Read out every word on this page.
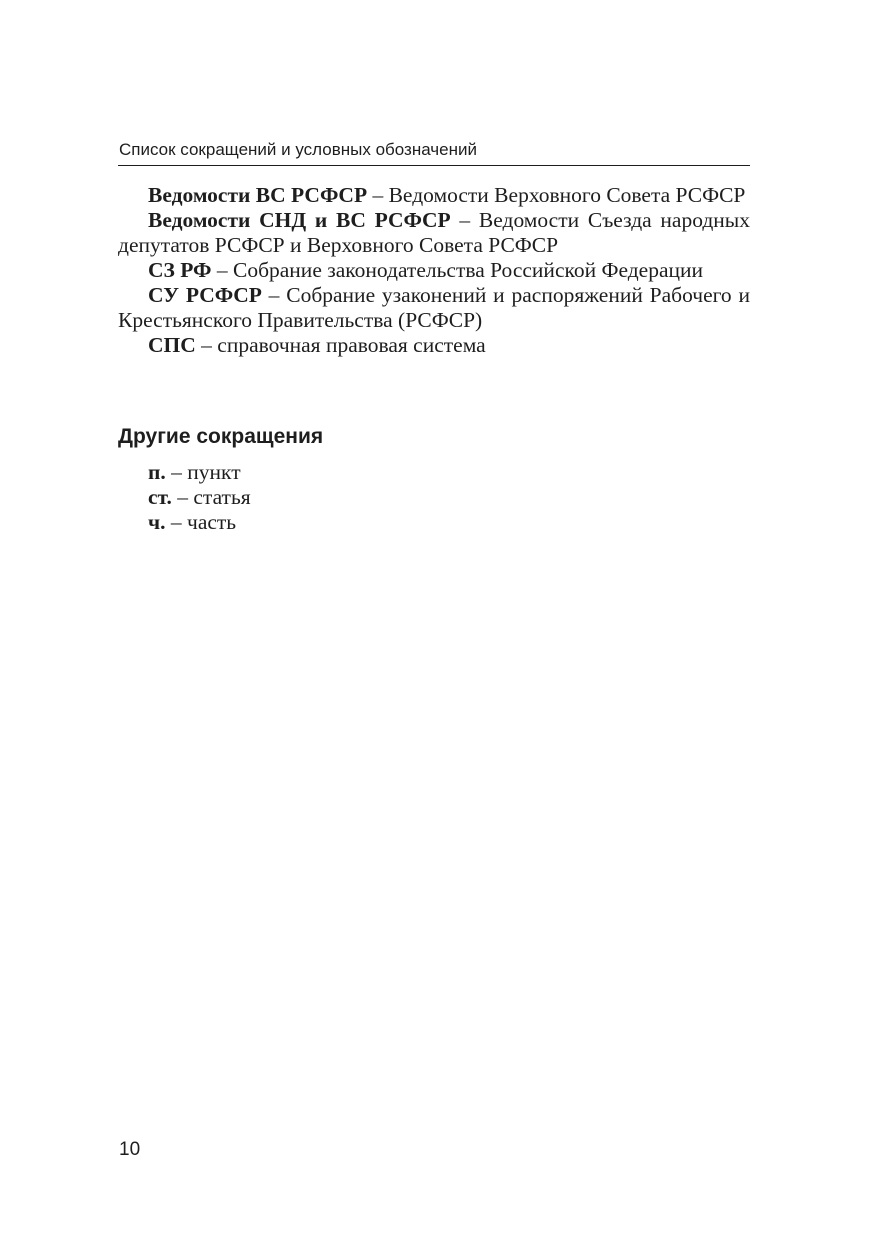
Список сокращений и условных обозначений

Ведомости ВС РСФСР – Ведомости Верховного Совета РСФСР

Ведомости СНД и ВС РСФСР – Ведомости Съезда народных депутатов РСФСР и Верховного Совета РСФСР

СЗ РФ – Собрание законодательства Российской Федерации

СУ РСФСР – Собрание узаконений и распоряжений Рабочего и Крестьянского Правительства (РСФСР)

СПС – справочная правовая система

Другие сокращения

п. – пункт

ст. – статья

ч. – часть

10
